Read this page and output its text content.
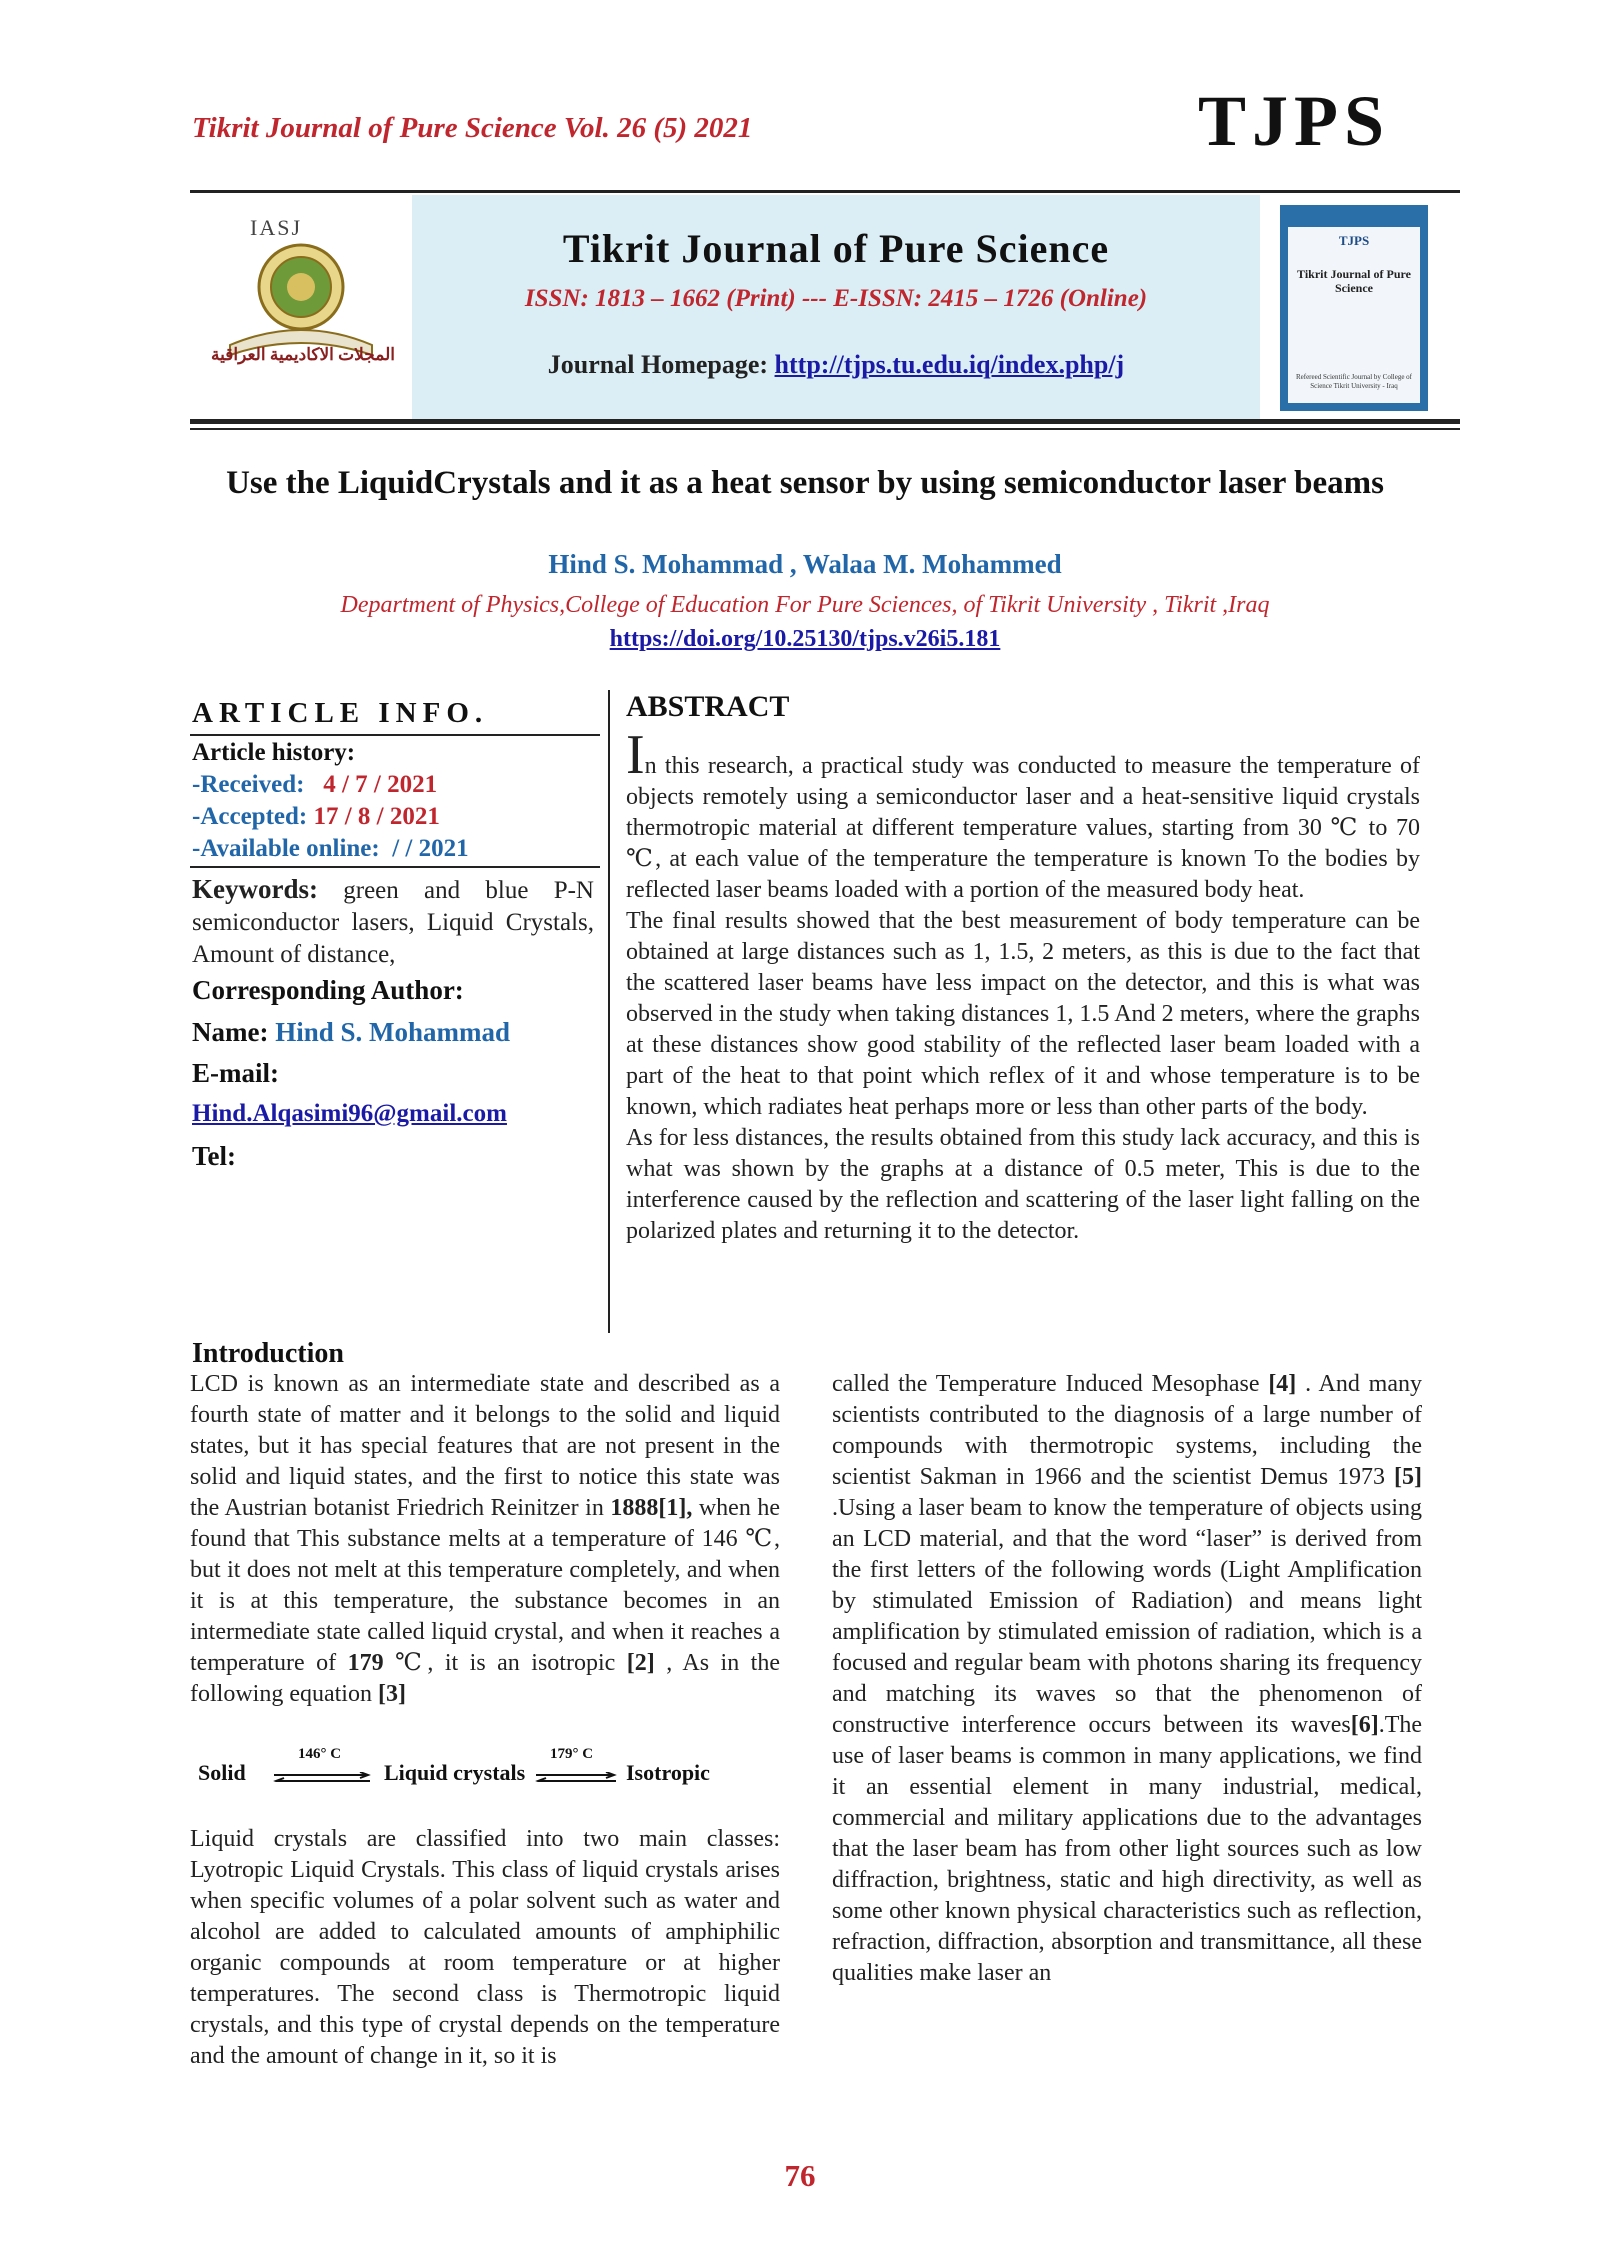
Tikrit Journal of Pure Science Vol. 26 (5) 2021	TJPS
IASJ
المجلات الاكاديمية العراقية
Tikrit Journal of Pure Science
ISSN: 1813 – 1662 (Print) --- E-ISSN: 2415 – 1726 (Online)
Journal Homepage: http://tjps.tu.edu.iq/index.php/j
TJPS
Tikrit Journal of Pure Science
Refereed Scientific Journal by College of Science Tikrit University - Iraq
Use the LiquidCrystals and it as a heat sensor by using semiconductor laser beams
Hind S. Mohammad , Walaa M. Mohammed
Department of Physics,College of Education For Pure Sciences, of Tikrit University , Tikrit ,Iraq
https://doi.org/10.25130/tjps.v26i5.181
ARTICLE INFO.
Article history:
-Received: 4 / 7 / 2021
-Accepted: 17 / 8 / 2021
-Available online: / / 2021
Keywords: green and blue P-N semiconductor lasers, Liquid Crystals, Amount of distance,
Corresponding Author:
Name: Hind S. Mohammad
E-mail:
Hind.Alqasimi96@gmail.com
Tel:
ABSTRACT

In this research, a practical study was conducted to measure the temperature of objects remotely using a semiconductor laser and a heat-sensitive liquid crystals thermotropic material at different temperature values, starting from 30 ℃ to 70 ℃, at each value of the temperature the temperature is known To the bodies by reflected laser beams loaded with a portion of the measured body heat.

The final results showed that the best measurement of body temperature can be obtained at large distances such as 1, 1.5, 2 meters, as this is due to the fact that the scattered laser beams have less impact on the detector, and this is what was observed in the study when taking distances 1, 1.5 And 2 meters, where the graphs at these distances show good stability of the reflected laser beam loaded with a part of the heat to that point which reflex of it and whose temperature is to be known, which radiates heat perhaps more or less than other parts of the body.

As for less distances, the results obtained from this study lack accuracy, and this is what was shown by the graphs at a distance of 0.5 meter, This is due to the interference caused by the reflection and scattering of the laser light falling on the polarized plates and returning it to the detector.

Introduction

LCD is known as an intermediate state and described as a fourth state of matter and it belongs to the solid and liquid states, but it has special features that are not present in the solid and liquid states, and the first to notice this state was the Austrian botanist Friedrich Reinitzer in 1888[1], when he found that This substance melts at a temperature of 146 ℃, but it does not melt at this temperature completely, and when it is at this temperature, the substance becomes in an intermediate state called liquid crystal, and when it reaches a temperature of 179 ℃, it is an isotropic [2] , As in the following equation [3]

Solid
146° C
Liquid crystals
179° C
⇌ Isotropic

Liquid crystals are classified into two main classes: Lyotropic Liquid Crystals. This class of liquid crystals arises when specific volumes of a polar solvent such as water and alcohol are added to calculated amounts of amphiphilic organic compounds at room temperature or at higher temperatures. The second class is Thermotropic liquid crystals, and this type of crystal depends on the temperature and the amount of change in it, so it is

called the Temperature Induced Mesophase [4] . And many scientists contributed to the diagnosis of a large number of compounds with thermotropic systems, including the scientist Sakman in 1966 and the scientist Demus 1973 [5] .Using a laser beam to know the temperature of objects using an LCD material, and that the word “laser” is derived from the first letters of the following words (Light Amplification by stimulated Emission of Radiation) and means light amplification by stimulated emission of radiation, which is a focused and regular beam with photons sharing its frequency and matching its waves so that the phenomenon of constructive interference occurs between its waves[6].The use of laser beams is common in many applications, we find it an essential element in many industrial, medical, commercial and military applications due to the advantages that the laser beam has from other light sources such as low diffraction, brightness, static and high directivity, as well as some other known physical characteristics such as reflection, refraction, diffraction, absorption and transmittance, all these qualities make laser an

76
